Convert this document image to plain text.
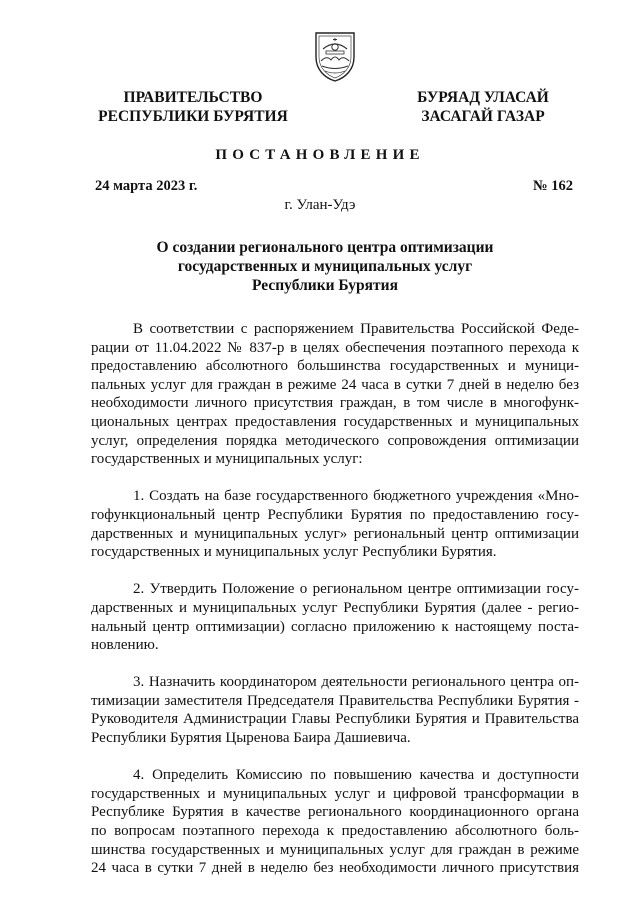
ПРАВИТЕЛЬСТВО
РЕСПУБЛИКИ БУРЯТИЯ
БУРЯАД УЛАСАЙ
ЗАСАГАЙ ГАЗАР
ПОСТАНОВЛЕНИЕ
24 марта 2023 г.	№ 162
г. Улан-Удэ
О создании регионального центра оптимизации
государственных и муниципальных услуг
Республики Бурятия
В соответствии с распоряжением Правительства Российской Феде-
рации от 11.04.2022 № 837-р в целях обеспечения поэтапного перехода к
предоставлению абсолютного большинства государственных и муници-
пальных услуг для граждан в режиме 24 часа в сутки 7 дней в неделю без
необходимости личного присутствия граждан, в том числе в многофунк-
циональных центрах предоставления государственных и муниципальных
услуг, определения порядка методического сопровождения оптимизации
государственных и муниципальных услуг:
1. Создать на базе государственного бюджетного учреждения «Мно-
гофункциональный центр Республики Бурятия по предоставлению госу-
дарственных и муниципальных услуг» региональный центр оптимизации
государственных и муниципальных услуг Республики Бурятия.
2. Утвердить Положение о региональном центре оптимизации госу-
дарственных и муниципальных услуг Республики Бурятия (далее - регио-
нальный центр оптимизации) согласно приложению к настоящему поста-
новлению.
3. Назначить координатором деятельности регионального центра оп-
тимизации заместителя Председателя Правительства Республики Бурятия -
Руководителя Администрации Главы Республики Бурятия и Правительства
Республики Бурятия Цыренова Баира Дашиевича.
4. Определить Комиссию по повышению качества и доступности
государственных и муниципальных услуг и цифровой трансформации в
Республике Бурятия в качестве регионального координационного органа
по вопросам поэтапного перехода к предоставлению абсолютного боль-
шинства государственных и муниципальных услуг для граждан в режиме
24 часа в сутки 7 дней в неделю без необходимости личного присутствия
